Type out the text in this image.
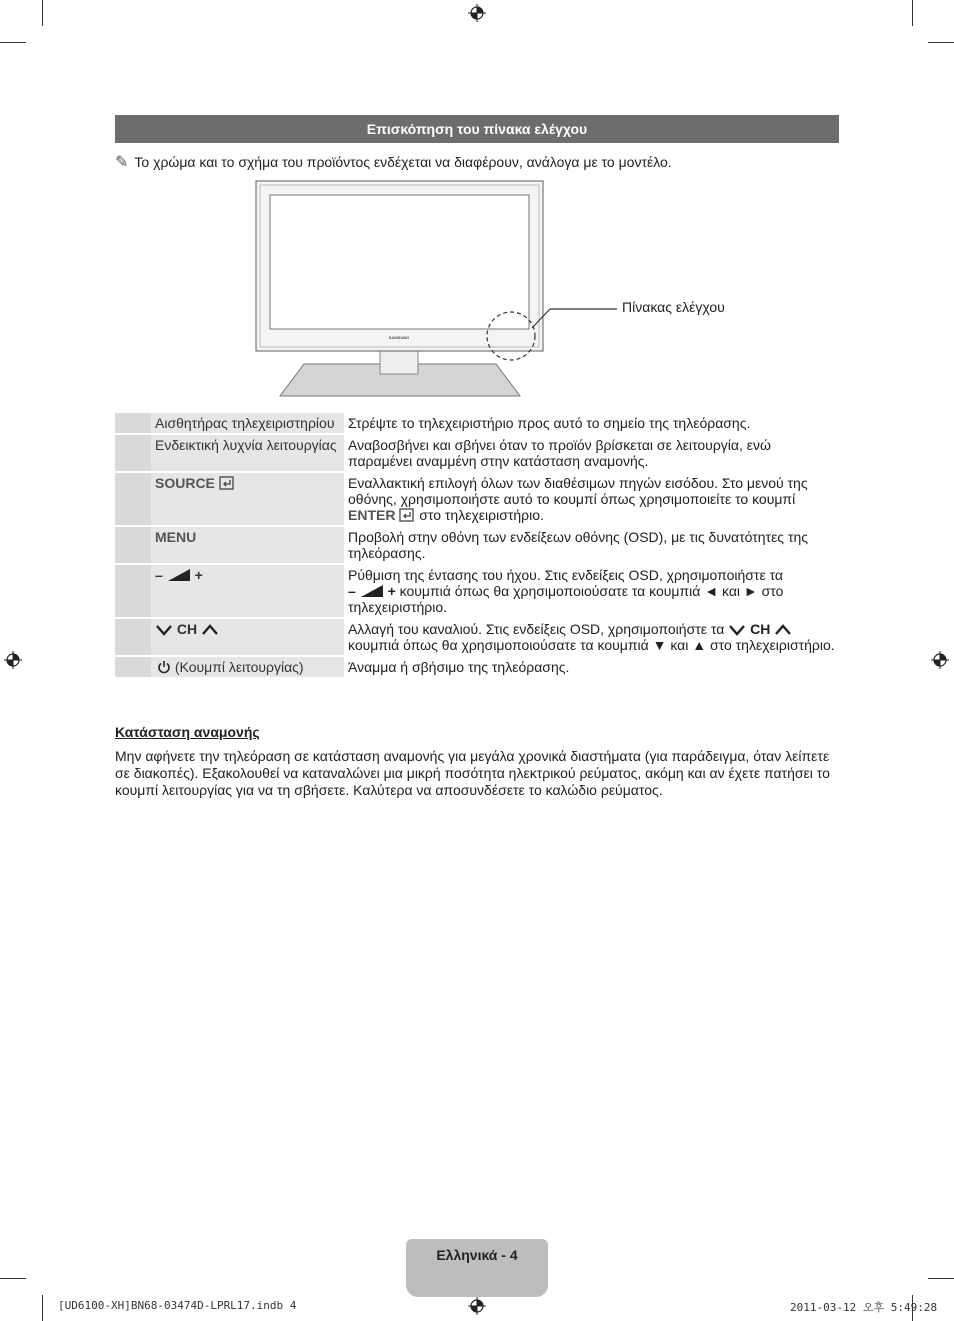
Επισκόπηση του πίνακα ελέγχου
✎ Το χρώμα και το σχήμα του προϊόντος ενδέχεται να διαφέρουν, ανάλογα με το μοντέλο.
SAMSUNG
Πίνακας ελέγχου
	Αισθητήρας τηλεχειριστηρίου	Στρέψτε το τηλεχειριστήριο προς αυτό το σημείο της τηλεόρασης.
	Ενδεικτική λυχνία λειτουργίας	Αναβοσβήνει και σβήνει όταν το προϊόν βρίσκεται σε λειτουργία, ενώ παραμένει αναμμένη στην κατάσταση αναμονής.
	SOURCE	Εναλλακτική επιλογή όλων των διαθέσιμων πηγών εισόδου. Στο μενού της οθόνης, χρησιμοποιήστε αυτό το κουμπί όπως χρησιμοποιείτε το κουμπί
ENTER στο τηλεχειριστήριο.
	MENU	Προβολή στην οθόνη των ενδείξεων οθόνης (OSD), με τις δυνατότητες της τηλεόρασης.
	– +	Ρύθμιση της έντασης του ήχου. Στις ενδείξεις OSD, χρησιμοποιήστε τα
– + κουμπιά όπως θα χρησιμοποιούσατε τα κουμπιά ◄ και ► στο τηλεχειριστήριο.
	CH	Αλλαγή του καναλιού. Στις ενδείξεις OSD, χρησιμοποιήστε τα CH  κουμπιά όπως θα χρησιμοποιούσατε τα κουμπιά ▼ και ▲ στο τηλεχειριστήριο.
	(Κουμπί λειτουργίας)	Άναμμα ή σβήσιμο της τηλεόρασης.
Κατάσταση αναμονής
Μην αφήνετε την τηλεόραση σε κατάσταση αναμονής για μεγάλα χρονικά διαστήματα (για παράδειγμα, όταν λείπετε σε διακοπές). Εξακολουθεί να καταναλώνει μια μικρή ποσότητα ηλεκτρικού ρεύματος, ακόμη και αν έχετε πατήσει το κουμπί λειτουργίας για να τη σβήσετε. Καλύτερα να αποσυνδέσετε το καλώδιο ρεύματος.
Ελληνικά - 4
[UD6100-XH]BN68-03474D-LPRL17.indb 4	2011-03-12 오후 5:49:28
